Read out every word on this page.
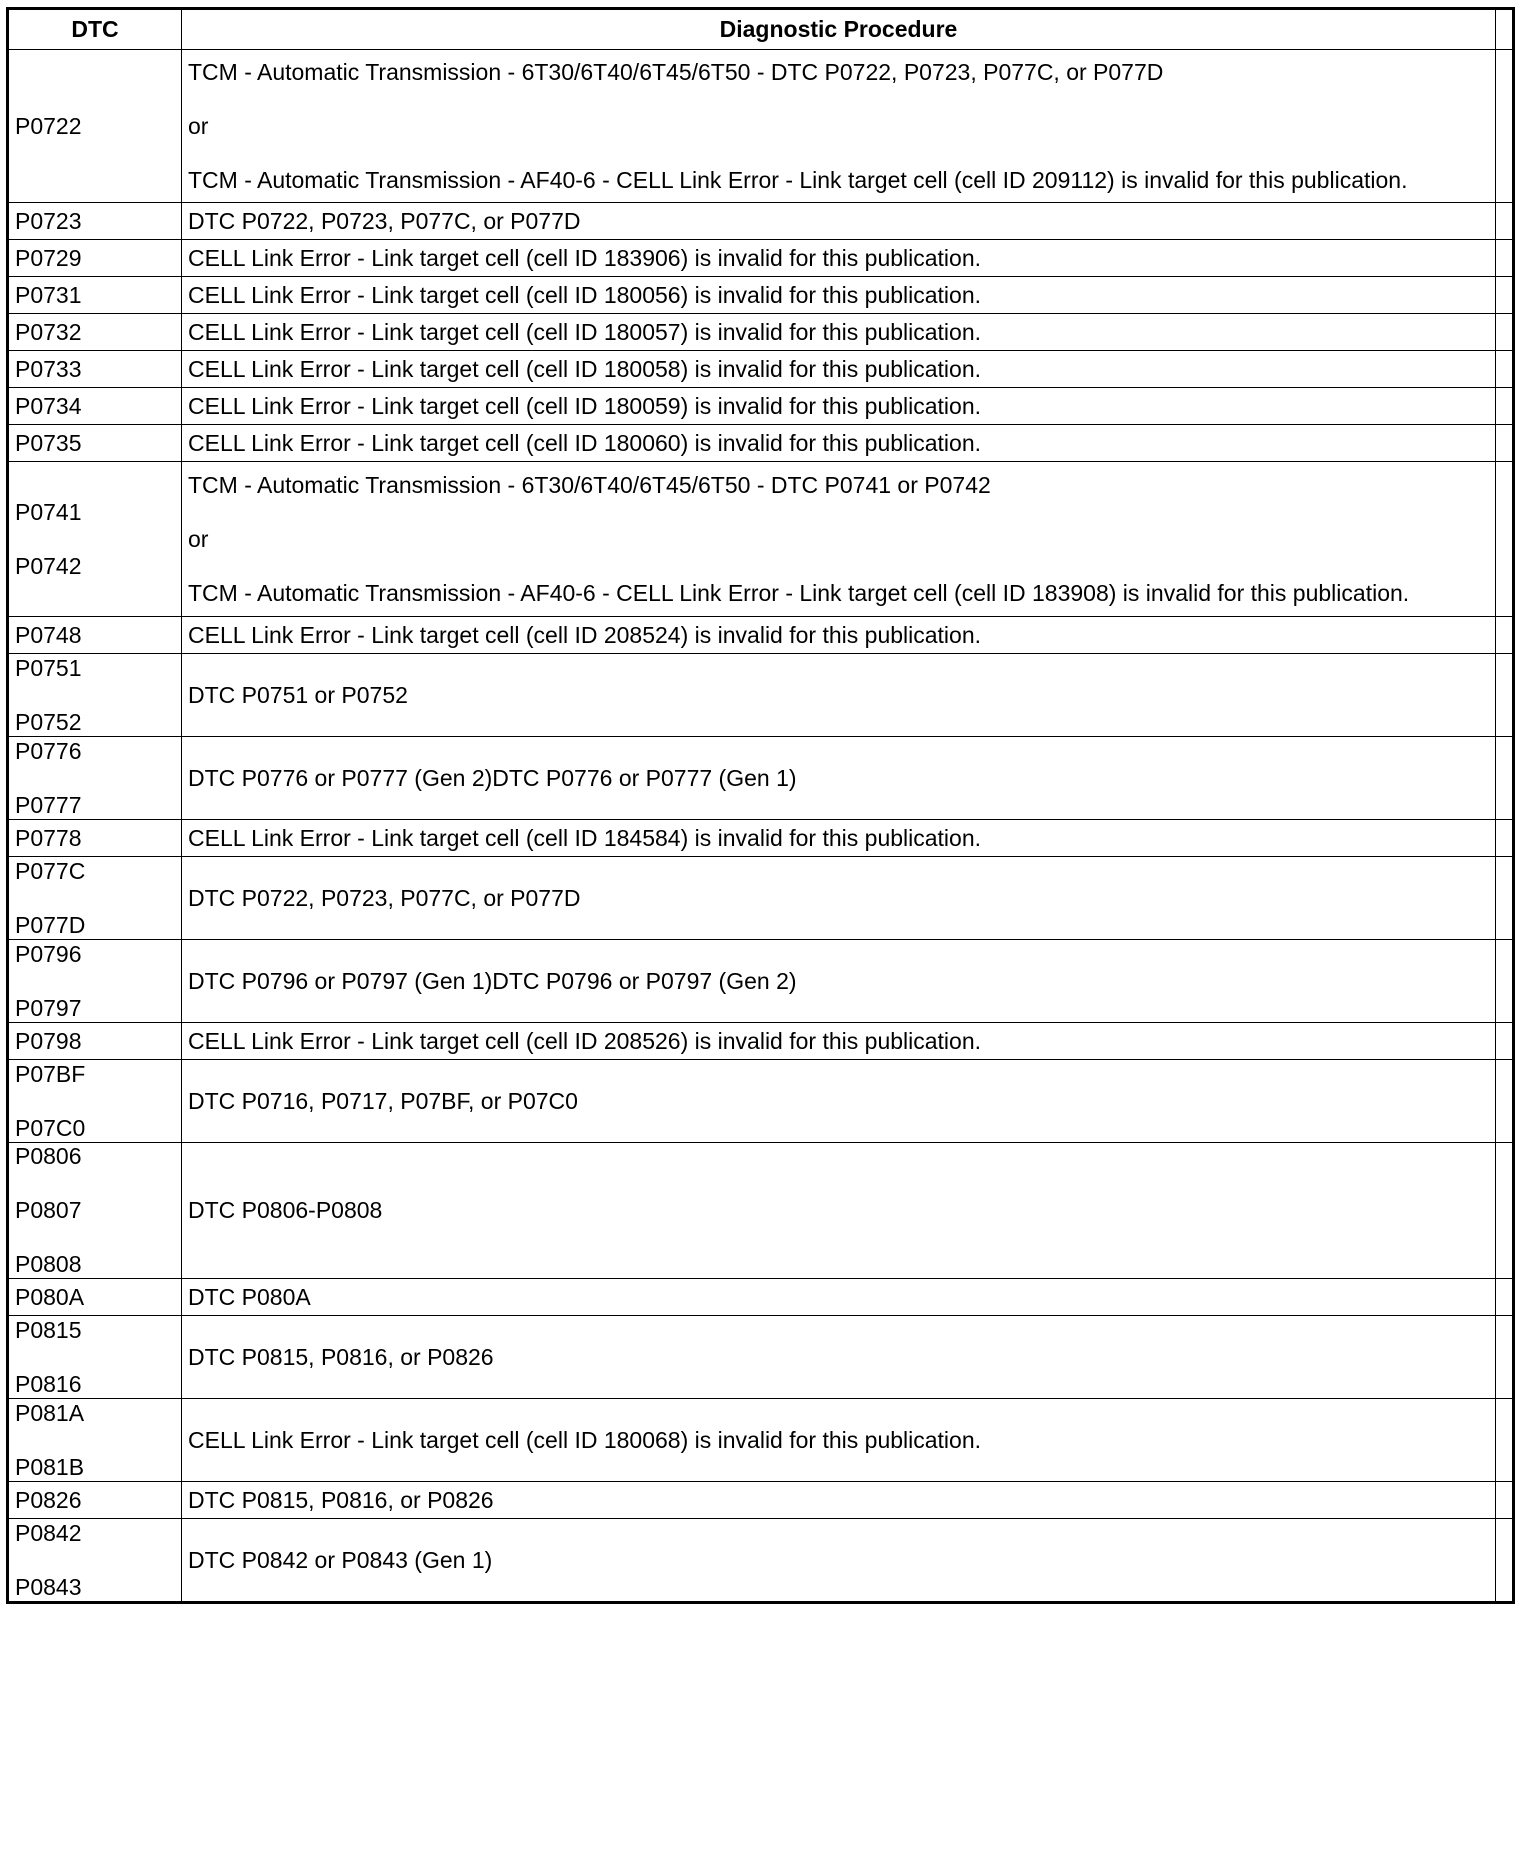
DTC	Diagnostic Procedure	

P0722	TCM - Automatic Transmission - 6T30/6T40/6T45/6T50 - DTC P0722, P0723, P077C, or P077D
or
TCM - Automatic Transmission - AF40-6 - CELL Link Error - Link target cell (cell ID 209112) is invalid for this publication.	

P0723	DTC P0722, P0723, P077C, or P077D	

P0729	CELL Link Error - Link target cell (cell ID 183906) is invalid for this publication.	

P0731	CELL Link Error - Link target cell (cell ID 180056) is invalid for this publication.	

P0732	CELL Link Error - Link target cell (cell ID 180057) is invalid for this publication.	

P0733	CELL Link Error - Link target cell (cell ID 180058) is invalid for this publication.	

P0734	CELL Link Error - Link target cell (cell ID 180059) is invalid for this publication.	

P0735	CELL Link Error - Link target cell (cell ID 180060) is invalid for this publication.	

P0741
P0742	TCM - Automatic Transmission - 6T30/6T40/6T45/6T50 - DTC P0741 or P0742
or
TCM - Automatic Transmission - AF40-6 - CELL Link Error - Link target cell (cell ID 183908) is invalid for this publication.	

P0748	CELL Link Error - Link target cell (cell ID 208524) is invalid for this publication.	

P0751
P0752	DTC P0751 or P0752	

P0776
P0777	DTC P0776 or P0777 (Gen 2)DTC P0776 or P0777 (Gen 1)	

P0778	CELL Link Error - Link target cell (cell ID 184584) is invalid for this publication.	

P077C
P077D	DTC P0722, P0723, P077C, or P077D	

P0796
P0797	DTC P0796 or P0797 (Gen 1)DTC P0796 or P0797 (Gen 2)	

P0798	CELL Link Error - Link target cell (cell ID 208526) is invalid for this publication.	

P07BF
P07C0	DTC P0716, P0717, P07BF, or P07C0	

P0806
P0807
P0808	DTC P0806-P0808	

P080A	DTC P080A	

P0815
P0816	DTC P0815, P0816, or P0826	

P081A
P081B	CELL Link Error - Link target cell (cell ID 180068) is invalid for this publication.	

P0826	DTC P0815, P0816, or P0826	

P0842
P0843	DTC P0842 or P0843 (Gen 1)	
